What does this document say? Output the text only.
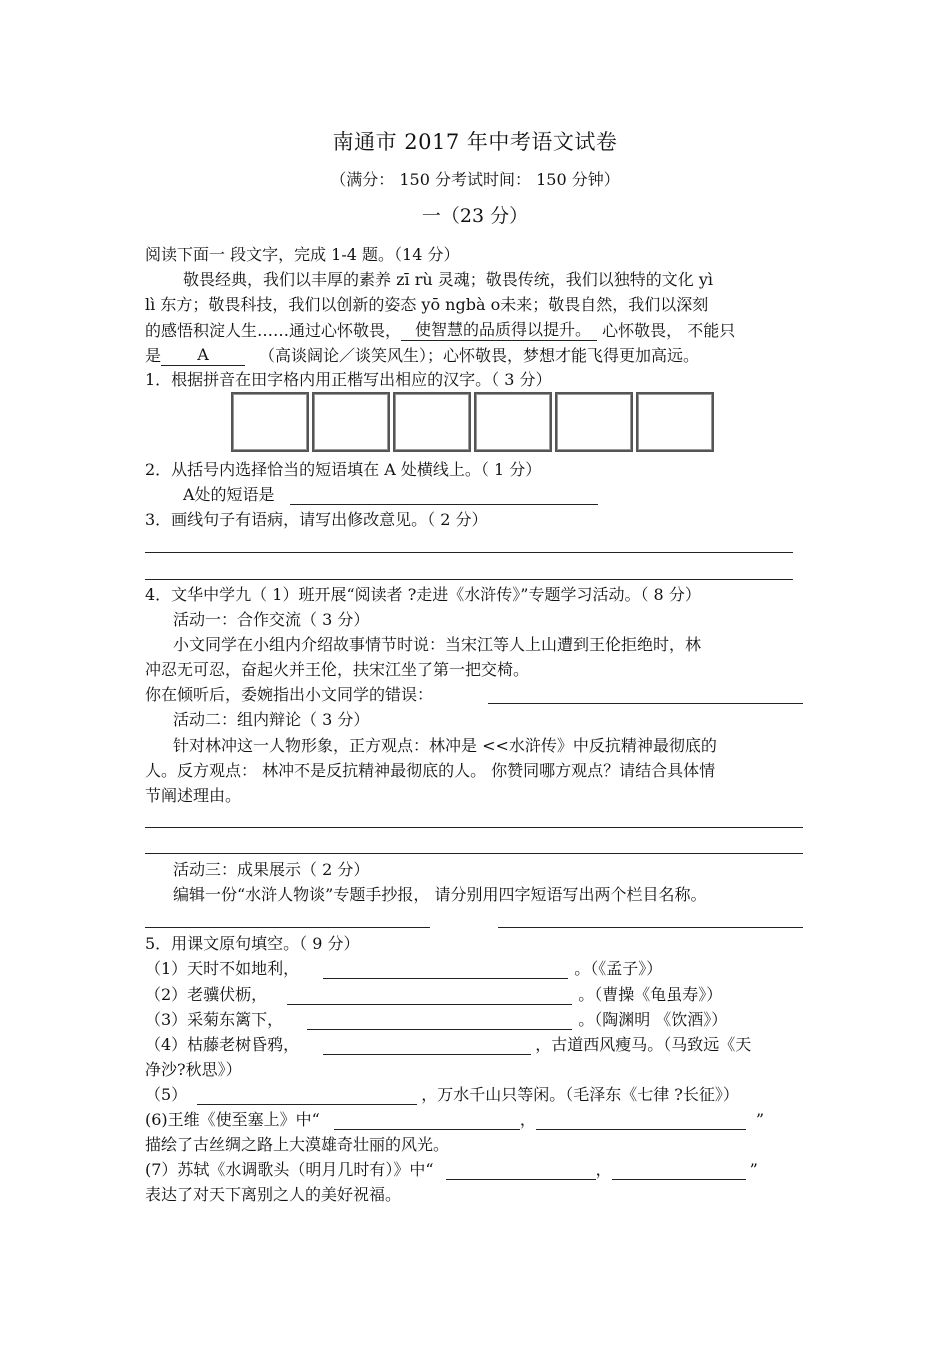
南通市 2017 年中考语文试卷
（满分： 150 分考试时间： 150 分钟）
一（23 分）
阅读下面一 段文字，完成 1-4 题。（14 分）
敬畏经典，我们以丰厚的素养 zī rù 灵魂；敬畏传统，我们以独特的文化 yì
lì 东方；敬畏科技，我们以创新的姿态 yō ngbà o未来；敬畏自然，我们以深刻
的感悟积淀人生……通过心怀敬畏， 使智慧的品质得以提升。 心怀敬畏， 不能只
是 A	（高谈阔论／谈笑风生）；心怀敬畏，梦想才能飞得更加高远。
1．根据拼音在田字格内用正楷写出相应的汉字。（ 3 分）
2．从括号内选择恰当的短语填在 A 处横线上。（ 1 分）
A处的短语是
3．画线句子有语病，请写出修改意见。（ 2 分）
4．文华中学九（ 1）班开展“阅读者 ?走进《水浒传》”专题学习活动。（ 8 分）
活动一：合作交流（ 3 分）
小文同学在小组内介绍故事情节时说：当宋江等人上山遭到王伦拒绝时，林
冲忍无可忍，奋起火并王伦，扶宋江坐了第一把交椅。
你在倾听后，委婉指出小文同学的错误：
活动二：组内辩论（ 3 分）
针对林冲这一人物形象，正方观点：林冲是 <<水浒传》中反抗精神最彻底的
人。反方观点： 林冲不是反抗精神最彻底的人。 你赞同哪方观点？请结合具体情
节阐述理由。
活动三：成果展示（ 2 分）
编辑一份“水浒人物谈”专题手抄报， 请分别用四字短语写出两个栏目名称。
5．用课文原句填空。（ 9 分）
（1）天时不如地利，	。（《孟子》）
（2）老骥伏枥，	。（曹操《龟虽寿》）
（3）采菊东篱下，	。（陶渊明 《饮酒》）
（4）枯藤老树昏鸦，	，古道西风瘦马。（马致远《天
净沙?秋思》）
（5）	，万水千山只等闲。（毛泽东《七律 ?长征》）
(6)王维《使至塞上》中“	，	”
描绘了古丝绸之路上大漠雄奇壮丽的风光。
(7）苏轼《水调歌头（明月几时有）》中“	，	”
表达了对天下离别之人的美好祝福。
